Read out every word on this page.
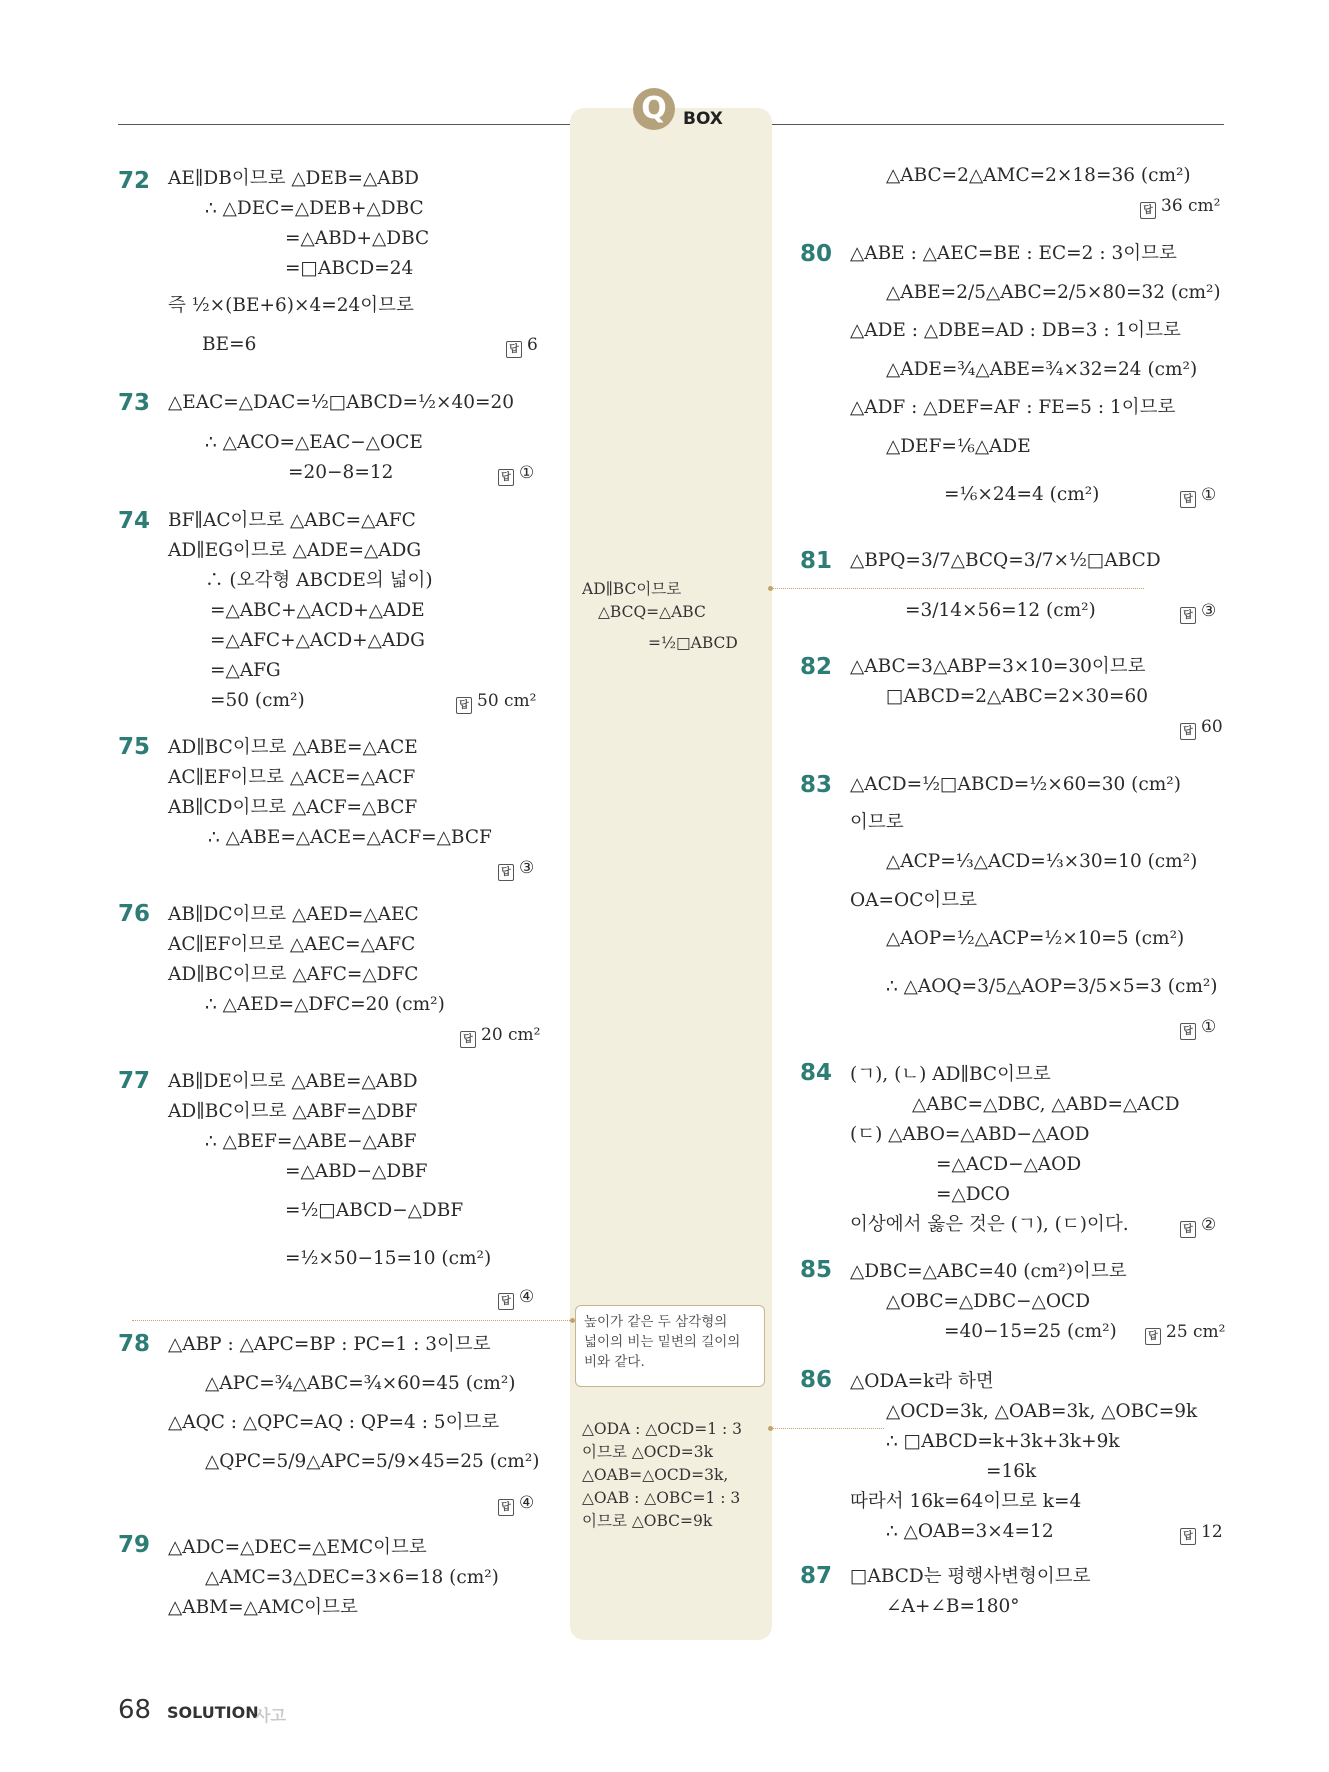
Q BOX
72
73
74
75
76
77
78
79
80
81
82
83
84
85
86
87
AE∥DB이므로 △DEB=△ABD
∴ △DEC=△DEB+△DBC
=△ABD+△DBC
=□ABCD=24
즉 ½×(BE+6)×4=24이므로
BE=6	답 6
△EAC=△DAC=½□ABCD=½×40=20
∴ △ACO=△EAC−△OCE
=20−8=12	답 ①
BF∥AC이므로 △ABC=△AFC
AD∥EG이므로 △ADE=△ADG
∴ (오각형 ABCDE의 넓이)
=△ABC+△ACD+△ADE
=△AFC+△ACD+△ADG
=△AFG
=50 (cm²)	답 50 cm²
AD∥BC이므로 △ABE=△ACE
AC∥EF이므로 △ACE=△ACF
AB∥CD이므로 △ACF=△BCF
∴ △ABE=△ACE=△ACF=△BCF
답 ③
AB∥DC이므로 △AED=△AEC
AC∥EF이므로 △AEC=△AFC
AD∥BC이므로 △AFC=△DFC
∴ △AED=△DFC=20 (cm²)
답 20 cm²
AB∥DE이므로 △ABE=△ABD
AD∥BC이므로 △ABF=△DBF
∴ △BEF=△ABE−△ABF
=△ABD−△DBF
=½□ABCD−△DBF
=½×50−15=10 (cm²)
답 ④
△ABP : △APC=BP : PC=1 : 3이므로
△APC=¾△ABC=¾×60=45 (cm²)
△AQC : △QPC=AQ : QP=4 : 5이므로
△QPC=5/9△APC=5/9×45=25 (cm²)
답 ④
△ADC=△DEC=△EMC이므로
△AMC=3△DEC=3×6=18 (cm²)
△ABM=△AMC이므로
△ABC=2△AMC=2×18=36 (cm²)
답 36 cm²
△ABE : △AEC=BE : EC=2 : 3이므로
△ABE=2/5△ABC=2/5×80=32 (cm²)
△ADE : △DBE=AD : DB=3 : 1이므로
△ADE=¾△ABE=¾×32=24 (cm²)
△ADF : △DEF=AF : FE=5 : 1이므로
△DEF=⅙△ADE
=⅙×24=4 (cm²)	답 ①
△BPQ=3/7△BCQ=3/7×½□ABCD
=3/14×56=12 (cm²)	답 ③
△ABC=3△ABP=3×10=30이므로
□ABCD=2△ABC=2×30=60
답 60
△ACD=½□ABCD=½×60=30 (cm²)
이므로
△ACP=⅓△ACD=⅓×30=10 (cm²)
OA=OC이므로
△AOP=½△ACP=½×10=5 (cm²)
∴ △AOQ=3/5△AOP=3/5×5=3 (cm²)
답 ①
(ㄱ), (ㄴ) AD∥BC이므로
△ABC=△DBC, △ABD=△ACD
(ㄷ) △ABO=△ABD−△AOD
=△ACD−△AOD
=△DCO
이상에서 옳은 것은 (ㄱ), (ㄷ)이다.	답 ②
△DBC=△ABC=40 (cm²)이므로
△OBC=△DBC−△OCD
=40−15=25 (cm²)	답 25 cm²
△ODA=k라 하면
△OCD=3k, △OAB=3k, △OBC=9k
∴ □ABCD=k+3k+3k+9k
=16k
따라서 16k=64이므로 k=4
∴ △OAB=3×4=12	답 12
□ABCD는 평행사변형이므로
∠A+∠B=180°
AD∥BC이므로
△BCQ=△ABC
=½□ABCD
높이가 같은 두 삼각형의
넓이의 비는 밑변의 길이의
비와 같다.
△ODA : △OCD=1 : 3
이므로 △OCD=3k
△OAB=△OCD=3k,
△OAB : △OBC=1 : 3
이므로 △OBC=9k
68 SOLUTION
사고
